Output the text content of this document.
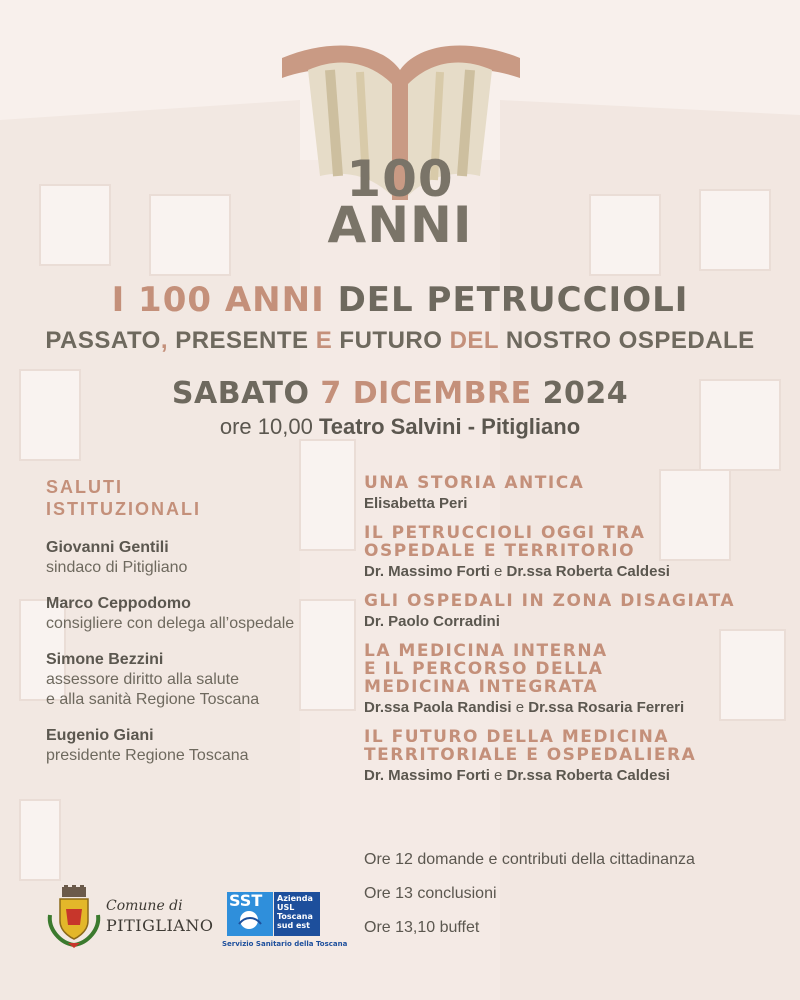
100
ANNI
I 100 ANNI DEL PETRUCCIOLI
PASSATO, PRESENTE E FUTURO DEL NOSTRO OSPEDALE
SABATO 7 DICEMBRE 2024
ore 10,00 Teatro Salvini - Pitigliano
SALUTI
ISTITUZIONALI
Giovanni Gentili
sindaco di Pitigliano
Marco Ceppodomo
consigliere con delega all’ospedale
Simone Bezzini
assessore diritto alla salute
e alla sanità Regione Toscana
Eugenio Giani
presidente Regione Toscana
UNA STORIA ANTICA
Elisabetta Peri
IL PETRUCCIOLI OGGI TRA
OSPEDALE E TERRITORIO
Dr. Massimo Forti e Dr.ssa Roberta Caldesi
GLI OSPEDALI IN ZONA DISAGIATA
Dr. Paolo Corradini
LA MEDICINA INTERNA
E IL PERCORSO DELLA
MEDICINA INTEGRATA
Dr.ssa Paola Randisi e Dr.ssa Rosaria Ferreri
IL FUTURO DELLA MEDICINA
TERRITORIALE E OSPEDALIERA
Dr. Massimo Forti e Dr.ssa Roberta Caldesi
Ore 12 domande e contributi della cittadinanza
Ore 13 conclusioni
Ore 13,10 buffet
Comune di
PITIGLIANO
SST Azienda
USL
Toscana
sud est
Servizio Sanitario della Toscana
